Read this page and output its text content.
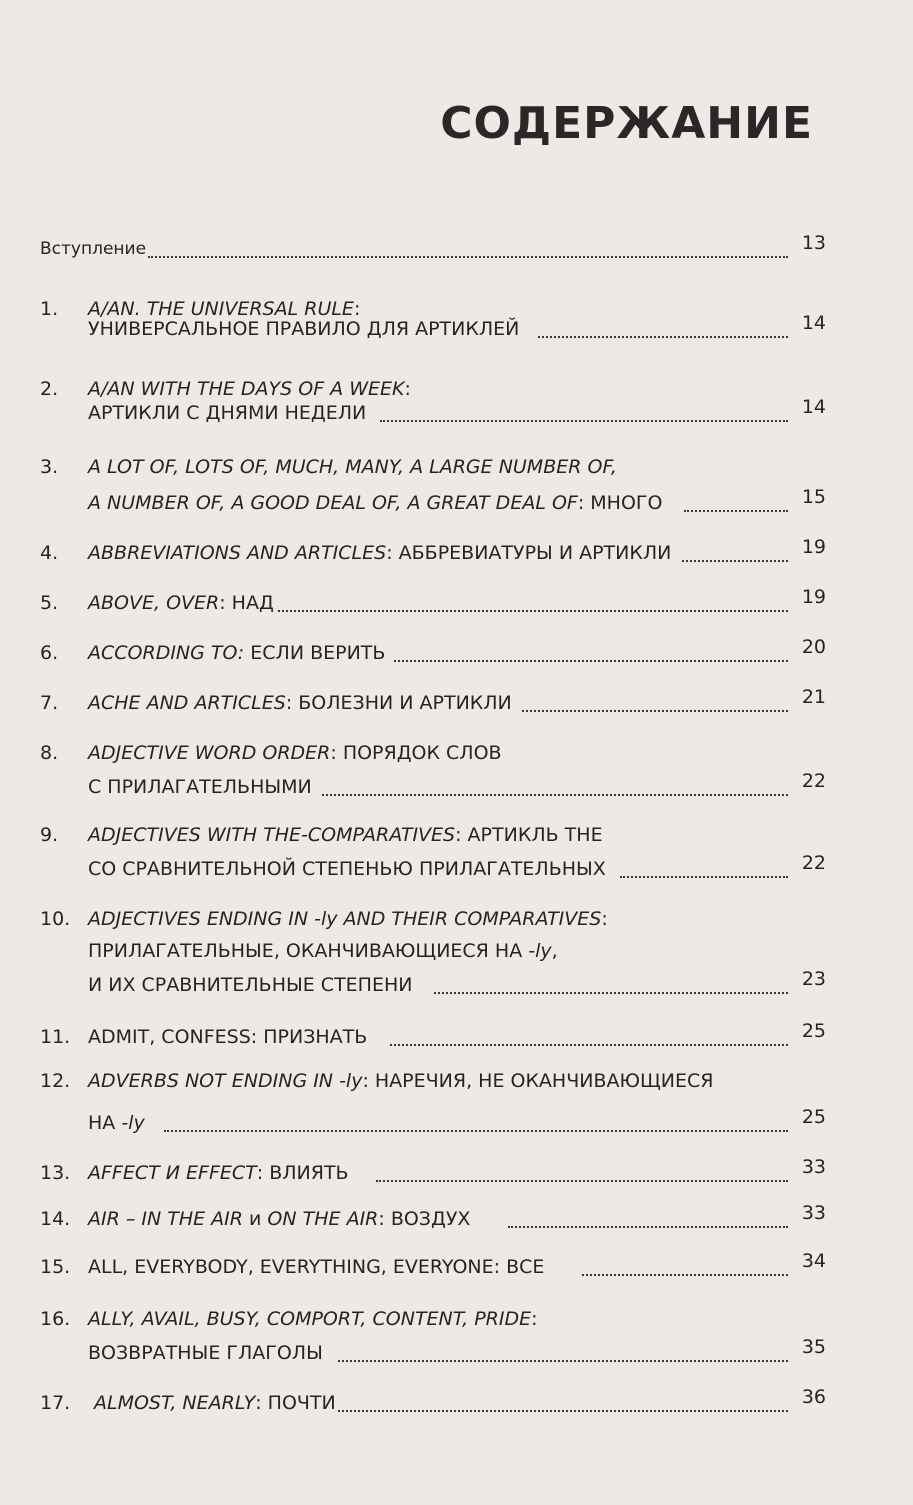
СОДЕРЖАНИЕ
Вступление	13
1. A/AN. THE UNIVERSAL RULE:
УНИВЕРСАЛЬНОЕ ПРАВИЛО ДЛЯ АРТИКЛЕЙ	14
2. A/AN WITH THE DAYS OF A WEEK:
АРТИКЛИ С ДНЯМИ НЕДЕЛИ	14
3. A LOT OF, LOTS OF, MUCH, MANY, A LARGE NUMBER OF,
A NUMBER OF, A GOOD DEAL OF, A GREAT DEAL OF: МНОГО	15
4. ABBREVIATIONS AND ARTICLES: АББРЕВИАТУРЫ И АРТИКЛИ	19
5. ABOVE, OVER: НАД	19
6. ACCORDING TO: ЕСЛИ ВЕРИТЬ	20
7. ACHE AND ARTICLES: БОЛЕЗНИ И АРТИКЛИ	21
8. ADJECTIVE WORD ORDER: ПОРЯДОК СЛОВ
С ПРИЛАГАТЕЛЬНЫМИ	22
9. ADJECTIVES WITH THE-COMPARATIVES: АРТИКЛЬ THE
СО СРАВНИТЕЛЬНОЙ СТЕПЕНЬЮ ПРИЛАГАТЕЛЬНЫХ	22
10. ADJECTIVES ENDING IN -ly AND THEIR COMPARATIVES:
ПРИЛАГАТЕЛЬНЫЕ, ОКАНЧИВАЮЩИЕСЯ НА -ly,
И ИХ СРАВНИТЕЛЬНЫЕ СТЕПЕНИ	23
11. ADMIT, CONFESS: ПРИЗНАТЬ	25
12. ADVERBS NOT ENDING IN -ly: НАРЕЧИЯ, НЕ ОКАНЧИВАЮЩИЕСЯ
НА -ly	25
13. AFFECT И EFFECT: ВЛИЯТЬ	33
14. AIR – IN THE AIR и ON THE AIR: ВОЗДУХ	33
15. ALL, EVERYBODY, EVERYTHING, EVERYONE: ВСЕ	34
16. ALLY, AVAIL, BUSY, COMPORT, CONTENT, PRIDE:
ВОЗВРАТНЫЕ ГЛАГОЛЫ	35
17. ALMOST, NEARLY: ПОЧТИ	36
